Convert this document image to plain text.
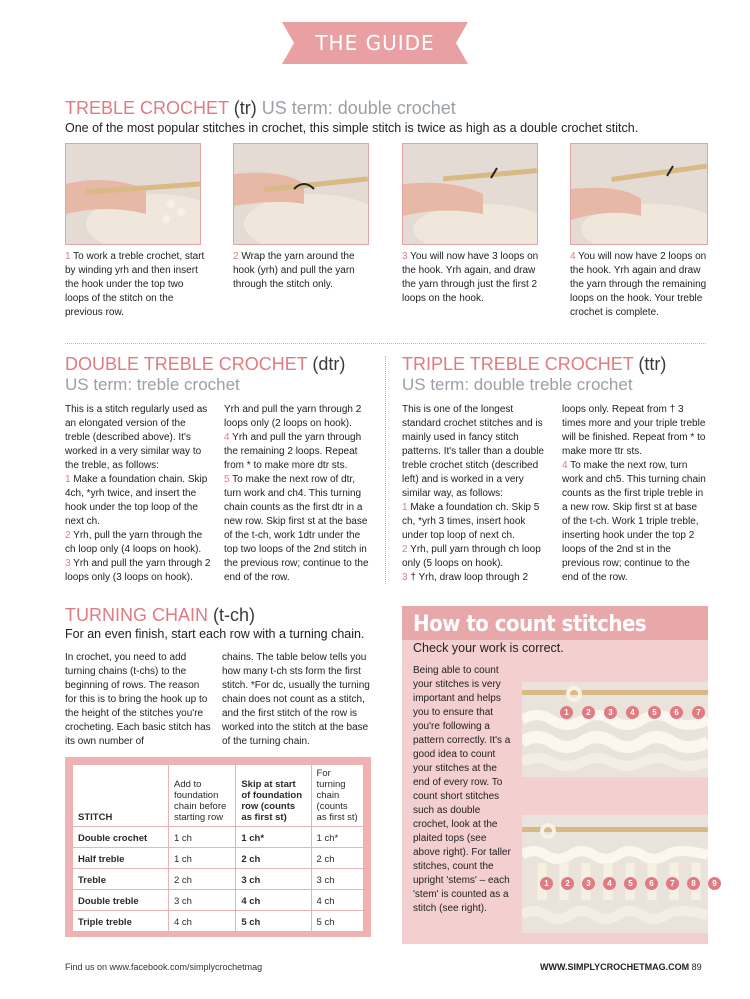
THE GUIDE
TREBLE CROCHET (tr) US term: double crochet
One of the most popular stitches in crochet, this simple stitch is twice as high as a double crochet stitch.
1 To work a treble crochet, start by winding yrh and then insert the hook under the top two loops of the stitch on the previous row.
2 Wrap the yarn around the hook (yrh) and pull the yarn through the stitch only.
3 You will now have 3 loops on the hook. Yrh again, and draw the yarn through just the first 2 loops on the hook.
4 You will now have 2 loops on the hook. Yrh again and draw the yarn through the remaining loops on the hook. Your treble crochet is complete.
DOUBLE TREBLE CROCHET (dtr)
US term: treble crochet
This is a stitch regularly used as an elongated version of the treble (described above). It's worked in a very similar way to the treble, as follows:
1 Make a foundation chain. Skip 4ch, *yrh twice, and insert the hook under the top loop of the next ch.
2 Yrh, pull the yarn through the ch loop only (4 loops on hook).
3 Yrh and pull the yarn through 2 loops only (3 loops on hook).
Yrh and pull the yarn through 2 loops only (2 loops on hook).
4 Yrh and pull the yarn through the remaining 2 loops. Repeat from * to make more dtr sts.
5 To make the next row of dtr, turn work and ch4. This turning chain counts as the first dtr in a new row. Skip first st at the base of the t-ch, work 1dtr under the top two loops of the 2nd stitch in the previous row; continue to the end of the row.
TRIPLE TREBLE CROCHET (ttr)
US term: double treble crochet
This is one of the longest standard crochet stitches and is mainly used in fancy stitch patterns. It's taller than a double treble crochet stitch (described left) and is worked in a very similar way, as follows:
1 Make a foundation ch. Skip 5 ch, *yrh 3 times, insert hook under top loop of next ch.
2 Yrh, pull yarn through ch loop only (5 loops on hook).
3 † Yrh, draw loop through 2
loops only. Repeat from † 3 times more and your triple treble will be finished. Repeat from * to make more ttr sts.
4 To make the next row, turn work and ch5. This turning chain counts as the first triple treble in a new row. Skip first st at base of the t-ch. Work 1 triple treble, inserting hook under the top 2 loops of the 2nd st in the previous row; continue to the end of the row.
TURNING CHAIN (t-ch)
For an even finish, start each row with a turning chain.
In crochet, you need to add turning chains (t-chs) to the beginning of rows. The reason for this is to bring the hook up to the height of the stitches you're crocheting. Each basic stitch has its own number of
chains. The table below tells you how many t-ch sts form the first stitch. *For dc, usually the turning chain does not count as a stitch, and the first stitch of the row is worked into the stitch at the base of the turning chain.
STITCH	Add to foundation chain before starting row	Skip at start of foundation row (counts as first st)	For turning chain (counts as first st)
Double crochet	1 ch	1 ch*	1 ch*
Half treble	1 ch	2 ch	2 ch
Treble	2 ch	3 ch	3 ch
Double treble	3 ch	4 ch	4 ch
Triple treble	4 ch	5 ch	5 ch
How to count stitches
Check your work is correct.
Being able to count your stitches is very important and helps you to ensure that you're following a pattern correctly. It's a good idea to count your stitches at the end of every row. To count short stitches such as double crochet, look at the plaited tops (see above right). For taller stitches, count the upright 'stems' – each 'stem' is counted as a stitch (see right).
1	2	3	4	5	6	7
1	2	3	4	5	6	7	8	9
Find us on www.facebook.com/simplycrochetmag	WWW.SIMPLYCROCHETMAG.COM 89
